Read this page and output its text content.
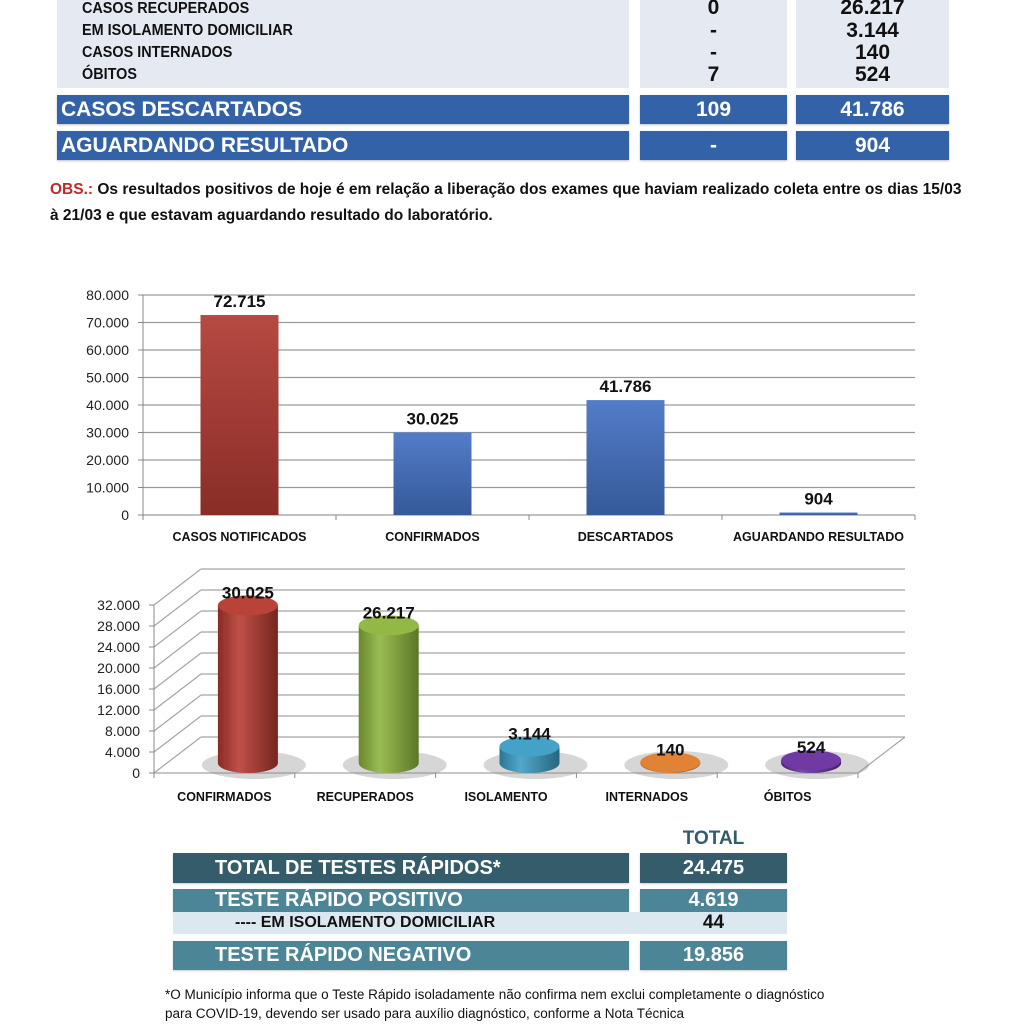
CASOS RECUPERADOS	0	26.217
EM ISOLAMENTO DOMICILIAR	-	3.144
CASOS INTERNADOS	-	140
ÓBITOS	7	524
CASOS DESCARTADOS	109	41.786
AGUARDANDO RESULTADO	-	904
OBS.: Os resultados positivos de hoje é em relação a liberação dos exames que haviam realizado coleta entre os dias 15/03 à 21/03 e que estavam aguardando resultado do laboratório.
0
10.000
20.000
30.000
40.000
50.000
60.000
70.000
80.000	72.715
CASOS NOTIFICADOS
30.025
CONFIRMADOS
41.786
DESCARTADOS
904
AGUARDANDO RESULTADO
0
4.000
8.000
12.000
16.000
20.000
24.000
28.000
32.000
30.025
CONFIRMADOS
26.217
RECUPERADOS
3.144
ISOLAMENTO
140
INTERNADOS
524
ÓBITOS
TOTAL
TOTAL DE TESTES RÁPIDOS*	24.475
TESTE RÁPIDO POSITIVO	4.619
---- EM ISOLAMENTO DOMICILIAR	44
TESTE RÁPIDO NEGATIVO	19.856
*O Município informa que o Teste Rápido isoladamente não confirma nem exclui completamente o diagnóstico para COVID-19, devendo ser usado para auxílio diagnóstico, conforme a Nota Técnica
